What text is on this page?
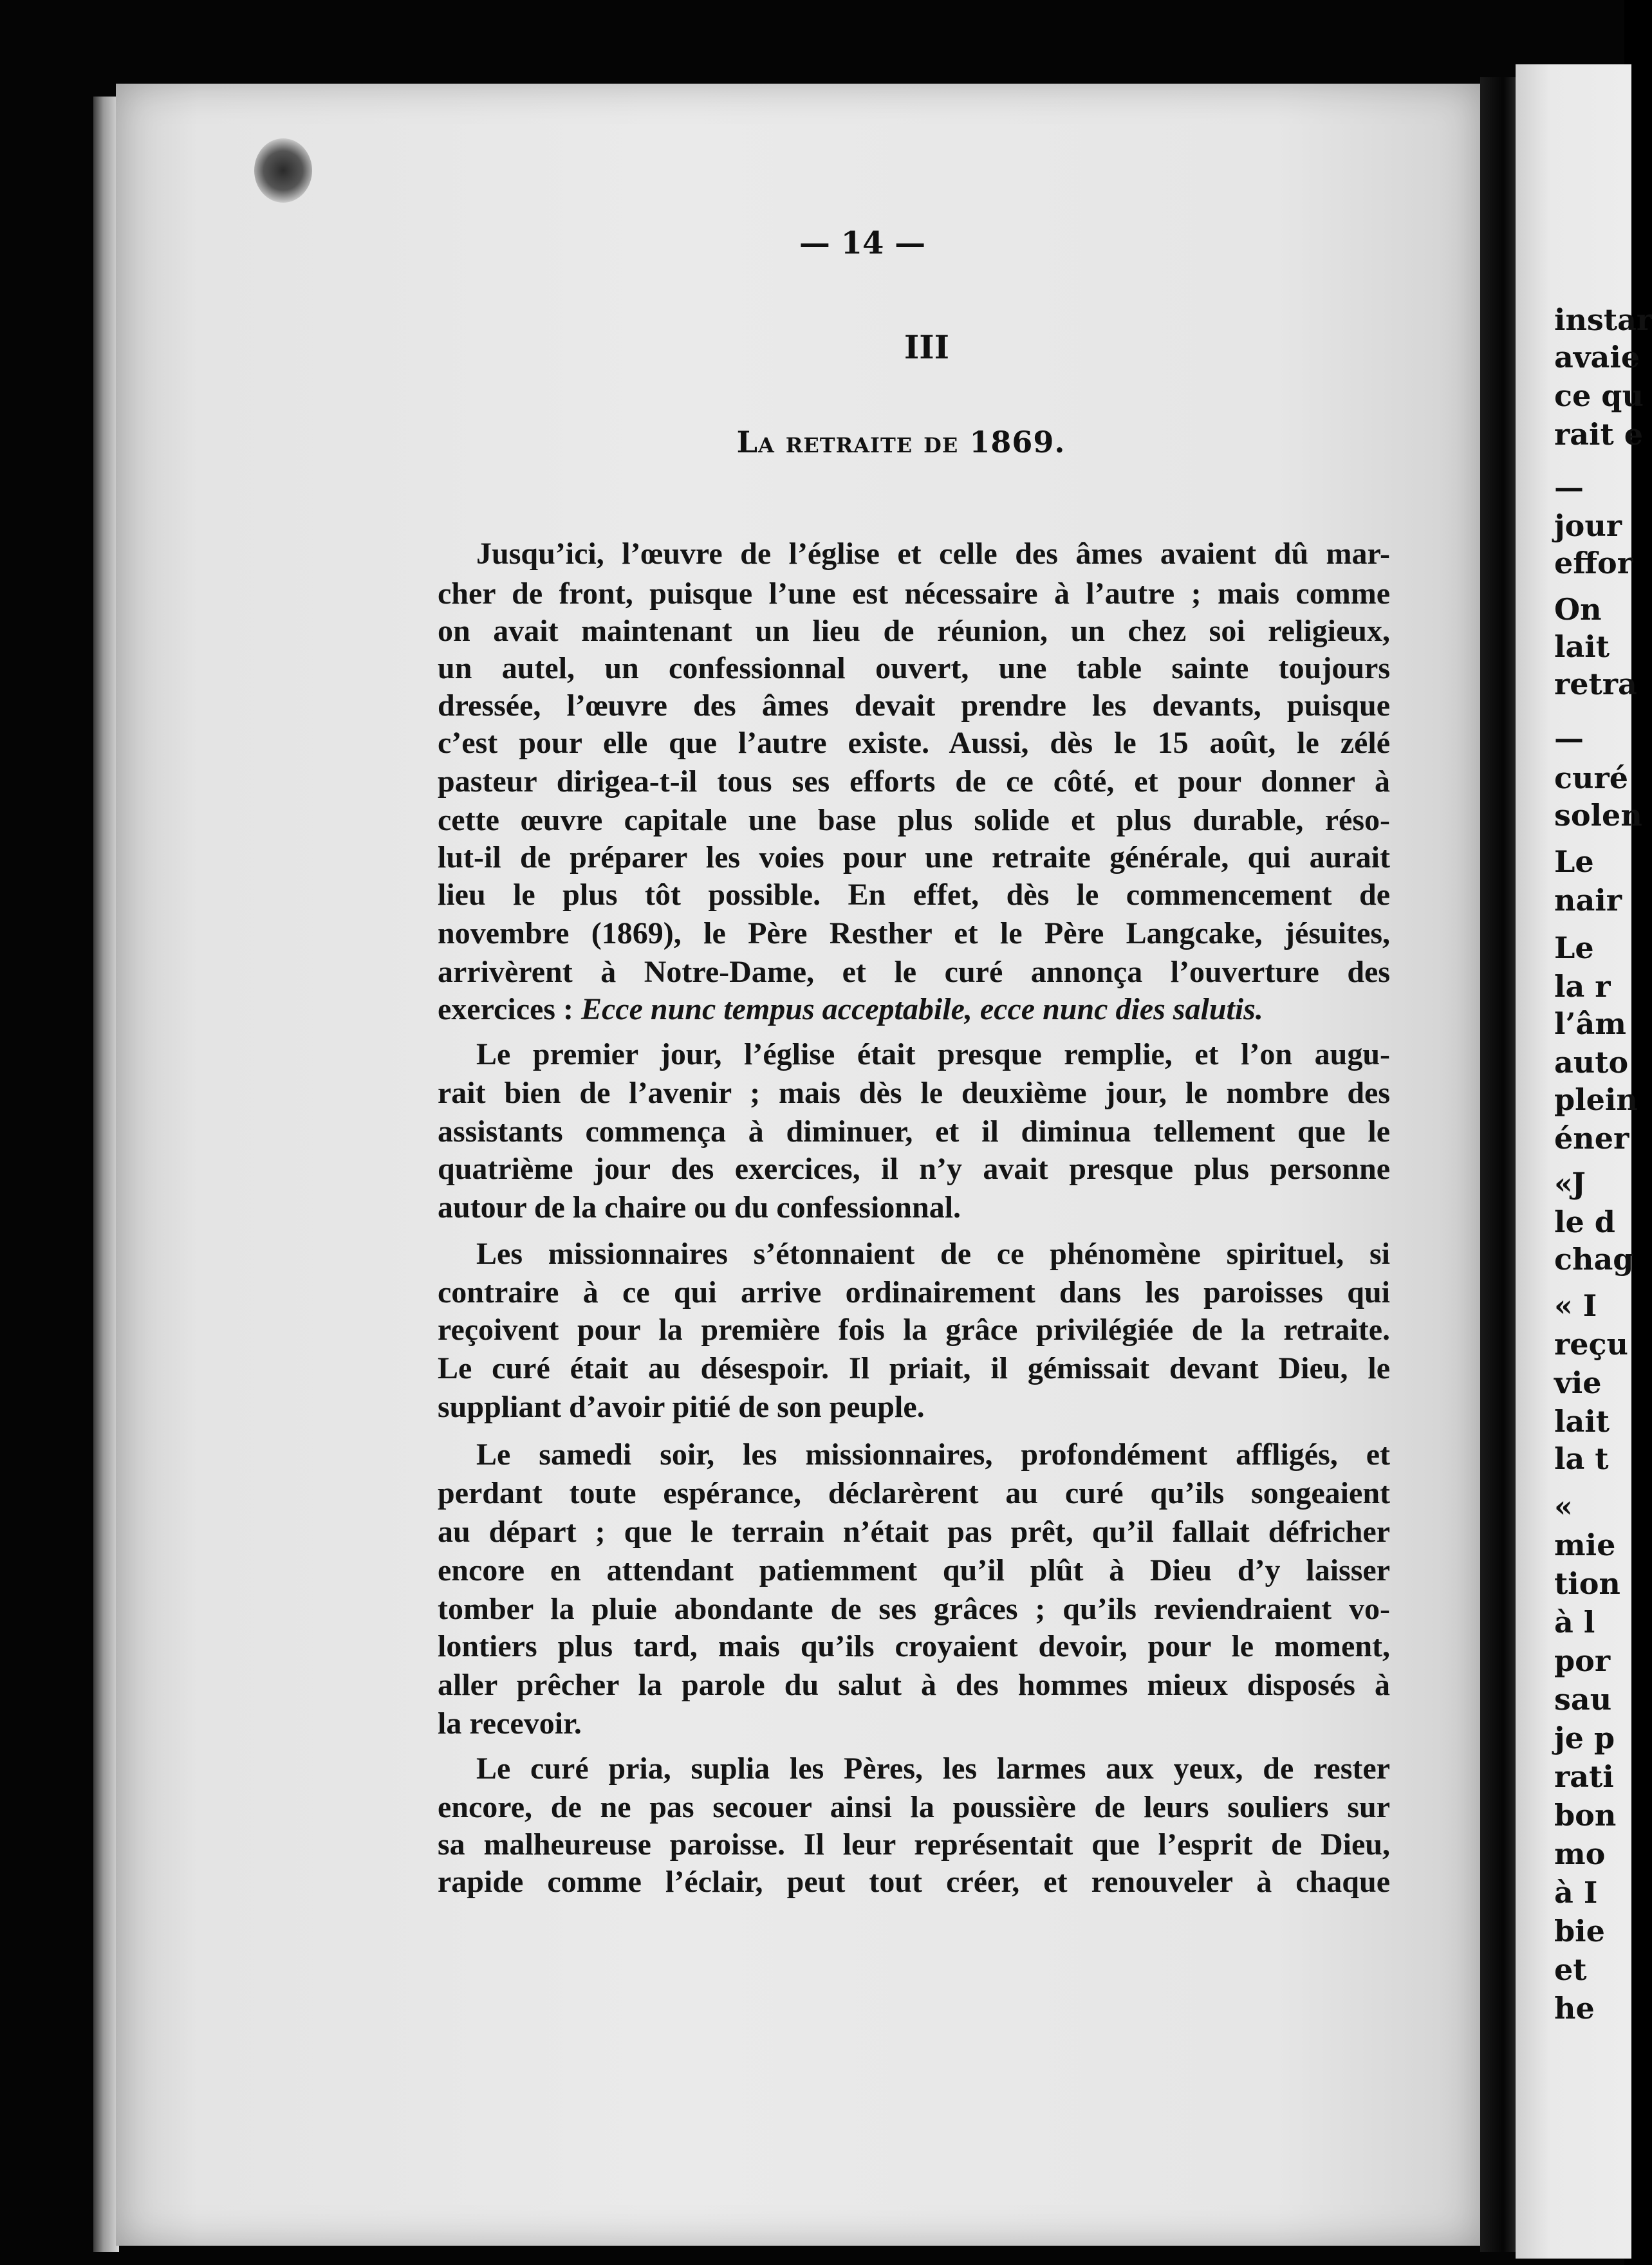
instar
avaie
ce qu
rait e
—
jour
effor
On
lait
retra
—
curé
solen
Le
nair
Le
la r
l’âm
auto
plein
éner
«J
le d
chag
« I
reçu
vie
lait
la t
«
mie
tion
à l
por
sau
je p
rati
bon
mo
à I
bie
et
he
— 14 —
III
La retraite de 1869.
Jusqu’ici, l’œuvre de l’église et celle des âmes avaient dû mar-
cher de front, puisque l’une est nécessaire à l’autre ; mais comme
on avait maintenant un lieu de réunion, un chez soi religieux,
un autel, un confessionnal ouvert, une table sainte toujours
dressée, l’œuvre des âmes devait prendre les devants, puisque
c’est pour elle que l’autre existe. Aussi, dès le 15 août, le zélé
pasteur dirigea-t-il tous ses efforts de ce côté, et pour donner à
cette œuvre capitale une base plus solide et plus durable, réso-
lut-il de préparer les voies pour une retraite générale, qui aurait
lieu le plus tôt possible. En effet, dès le commencement de
novembre (1869), le Père Resther et le Père Langcake, jésuites,
arrivèrent à Notre-Dame, et le curé annonça l’ouverture des
exercices : Ecce nunc tempus acceptabile, ecce nunc dies salutis.
Le premier jour, l’église était presque remplie, et l’on augu-
rait bien de l’avenir ; mais dès le deuxième jour, le nombre des
assistants commença à diminuer, et il diminua tellement que le
quatrième jour des exercices, il n’y avait presque plus personne
autour de la chaire ou du confessionnal.
Les missionnaires s’étonnaient de ce phénomène spirituel, si
contraire à ce qui arrive ordinairement dans les paroisses qui
reçoivent pour la première fois la grâce privilégiée de la retraite.
Le curé était au désespoir. Il priait, il gémissait devant Dieu, le
suppliant d’avoir pitié de son peuple.
Le samedi soir, les missionnaires, profondément affligés, et
perdant toute espérance, déclarèrent au curé qu’ils songeaient
au départ ; que le terrain n’était pas prêt, qu’il fallait défricher
encore en attendant patiemment qu’il plût à Dieu d’y laisser
tomber la pluie abondante de ses grâces ; qu’ils reviendraient vo-
lontiers plus tard, mais qu’ils croyaient devoir, pour le moment,
aller prêcher la parole du salut à des hommes mieux disposés à
la recevoir.
Le curé pria, suplia les Pères, les larmes aux yeux, de rester
encore, de ne pas secouer ainsi la poussière de leurs souliers sur
sa malheureuse paroisse. Il leur représentait que l’esprit de Dieu,
rapide comme l’éclair, peut tout créer, et renouveler à chaque
